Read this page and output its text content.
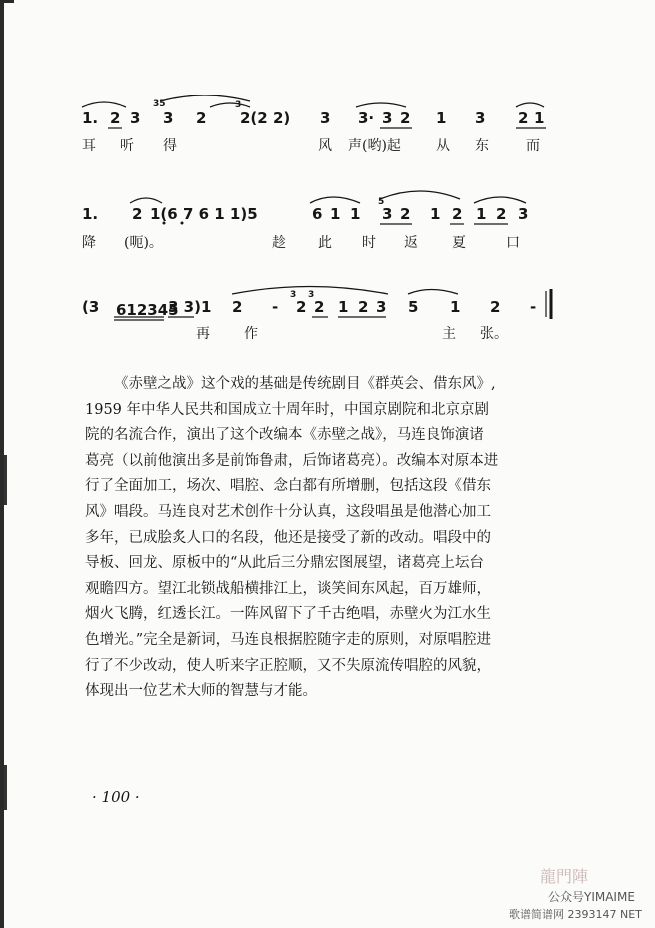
1. 2 3 3 2 2(2 2) 3 3· 3 2 1 3 2 1
35	3
耳 听 得	风 声(哟)起	从 东	而
1. 2 1(6 7 6 1 1)5	6 1 1 3 2 1 2 1 2 3
5
降 (呃)。	趁 此 时 返 夏	口
(3 612345
3 3)1 2 - 2 2 1 2 3 5 1 2 -
3 3
再 作	主 张。
《赤壁之战》这个戏的基础是传统剧目《群英会、借东风》,
1959 年中华人民共和国成立十周年时，中国京剧院和北京京剧
院的名流合作，演出了这个改编本《赤壁之战》，马连良饰演诸
葛亮（以前他演出多是前饰鲁肃，后饰诸葛亮）。改编本对原本进
行了全面加工，场次、唱腔、念白都有所增删，包括这段《借东
风》唱段。马连良对艺术创作十分认真，这段唱虽是他潜心加工
多年，已成脍炙人口的名段，他还是接受了新的改动。唱段中的
导板、回龙、原板中的“从此后三分鼎宏图展望，诸葛亮上坛台
观瞻四方。望江北锁战船横排江上，谈笑间东风起，百万雄师，
烟火飞腾，红透长江。一阵风留下了千古绝唱，赤壁火为江水生
色增光。”完全是新词，马连良根据腔随字走的原则，对原唱腔进
行了不少改动，使人听来字正腔顺，又不失原流传唱腔的风貌，
体现出一位艺术大师的智慧与才能。
· 100 ·
龍門陣
公众号YIMAIME
歌谱简谱网 2393147 NET
